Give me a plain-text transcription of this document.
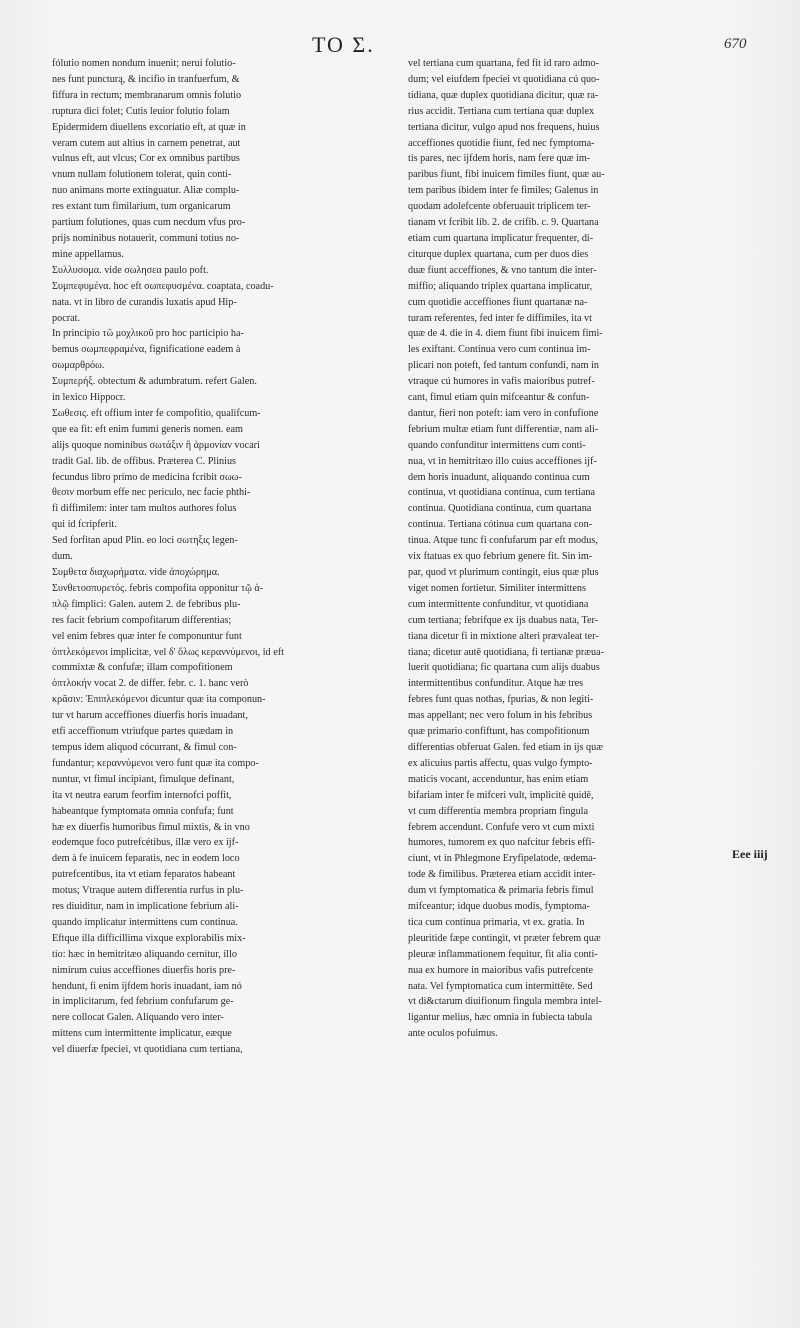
TO Σ.	670
fólutio nomen nondum inuenit; nerui folutio-
nes funt puncturą, & incifio in tranfuerfum, &
fiffura in rectum; membranarum omnis folutio
ruptura dici folet; Cutis leuior folutio folam
Epidermidem diuellens excoriatio eft, at quæ in
veram cutem aut altius in carnem penetrat, aut
vulnus eft, aut vlcus; Cor ex omnibus partibus
vnum nullam folutionem tolerat, quin conti-
nuo animans morte extinguatur. Aliæ complu-
res extant tum fimilarium, tum organicarum
partium folutiones, quas cum necdum vfus pro-
prijs nominibus notauerit, communi totius no-
mine appellamus.
Συλλυσομα. vide σωλησεα paulo poft.
Συμπεφυμένα. hoc eft σωπεφυσμένα. coaptata, coadu-
nata. vt in libro de curandis luxatis apud Hip-
pocrat.
In principio τῶ μοχλικοῦ pro hoc participio ha-
bemus σωμπεφραμένα, fignificatione eadem à
σωμαρθρόω.
Συμπερήξ. obtectum & adumbratum. refert Galen.
in lexico Hippocr.
Σωθεσις. eft offium inter fe compofitio, qualifcum-
que ea fit: eft enim fummi generis nomen. eam
alijs quoque nominibus σωτάξιν ἢ ἁρμονίαν vocari
tradit Gal. lib. de offibus. Præterea C. Plinius
fecundus libro primo de medicina fcribit σωω-
θεσιν morbum effe nec periculo, nec facie phthi-
fi diffimilem: inter tam multos authores folus
qui id fcripferit.
Sed forfitan apud Plin. eo loci σωτηξις legen-
dum.
Συμθετα διαχωρήματα. vide ἀποχώρημα.
Συνθετοσπυρετός. febris compofita opponitur τῷ ἁ-
πλῷ fimplici: Galen. autem 2. de febribus plu-
res facit febrium compofitarum differentias;
vel enim febres quæ inter fe componuntur funt
ὁπτλεκόμενοι implicitæ, vel δ' ὅλως κεραννύμενοι, id eft
commixtæ & confufæ; illam compofitionem
ὁπτλοκήν vocat 2. de differ. febr. c. 1. hanc verò
κρᾶσιν: Ἐπιπλεκόμενοι dicuntur quæ ita componun-
tur vt harum acceffiones diuerfis horis inuadant,
etfi acceffionum vtriufque partes quædam in
tempus idem aliquod cócurrant, & fimul con-
fundantur; κεραννύμενοι vero funt quæ ita compo-
nuntur, vt fimul incipiant, fimulque definant,
ita vt neutra earum feorfim internofci poffit,
habeantque fymptomata omnia confufa; funt
hæ ex diuerfis humoribus fimul mixtis, & in vno
eodemque foco putrefcétibus, illæ vero ex ijf-
dem à fe inuicem feparatis, nec in eodem loco
putrefcentibus, ita vt etiam feparatos habeant
motus; Vtraque autem differentia rurfus in plu-
res diuiditur, nam in implicatione febrium ali-
quando implicatur intermittens cum continua.
Eftque illa difficillima vixque explorabilis mix-
tio: hæc in hemitritæo aliquando cernitur, illo
nimirum cuius acceffiones diuerfis horis pre-
hendunt, fi enim ijfdem horis inuadant, iam nó
in implicitarum, fed febrium confufarum ge-
nere collocat Galen. Aliquando vero inter-
mittens cum intermittente implicatur, eæque
vel diuerfæ fpeciei, vt quotidiana cum tertiana,
vel tertiana cum quartana, fed fit id raro admo-
dum; vel eiufdem fpeciei vt quotidiana cú quo-
tidiana, quæ duplex quotidiana dicitur, quæ ra-
rius accidit. Tertiana cum tertiana quæ duplex
tertiana dicitur, vulgo apud nos frequens, huius
acceffiones quotidie fiunt, fed nec fymptoma-
tis pares, nec ijfdem horis, nam fere quæ im-
paribus fiunt, fibi inuicem fimiles fiunt, quæ au-
tem paribus ibidem inter fe fimiles; Galenus in
quodam adolefcente obferuauit triplicem ter-
tianam vt fcribit lib. 2. de crifib. c. 9. Quartana
etiam cum quartana implicatur frequenter, di-
citurque duplex quartana, cum per duos dies
duæ fiunt acceffiones, & vno tantum die inter-
miffio; aliquando triplex quartana implicatur,
cum quotidie acceffiones fiunt quartanæ na-
turam referentes, fed inter fe diffimiles, ita vt
quæ de 4. die in 4. diem fiunt fibi inuicem fimi-
les exiftant. Continua vero cum continua im-
plicari non poteft, fed tantum confundi, nam in
vtraque cú humores in vafis maioribus putref-
cant, fimul etiam quin mifceantur & confun-
dantur, fieri non poteft: iam vero in confufione
febrium multæ etiam funt differentiæ, nam ali-
quando confunditur intermittens cum conti-
nua, vt in hemitritæo illo cuius acceffiones ijf-
dem horis inuadunt, aliquando continua cum
continua, vt quotidiana continua, cum tertiana
continua. Quotidiana continua, cum quartana
continua. Tertiana cótinua cum quartana con-
tinua. Atque tunc fi confufarum par eft modus,
vix ftatuas ex quo febrium genere fit. Sin im-
par, quod vt plurimum contingit, eius quæ plus
viget nomen fortietur. Similiter intermittens
cum intermittente confunditur, vt quotidiana
cum tertiana; febrifque ex ijs duabus nata, Ter-
tiana dicetur fi in mixtione alteri prævaleat ter-
tiana; dicetur autē quotidiana, fi tertianæ præua-
luerit quotidiana; fic quartana cum alijs duabus
intermittentibus confunditur. Atque hæ tres
febres funt quas nothas, fpurias, & non legiti-
mas appellant; nec vero folum in his febribus
quæ primario confiftunt, has compofitionum
differentias obferuat Galen. fed etiam in ijs quæ
ex alicuius partis affectu, quas vulgo fympto-
maticis vocant, accenduntur, has enim etiam
bifariam inter fe mifceri vult, implicitè quidē,
vt cum differentia membra propriam fingula
febrem accendunt. Confufe vero vt cum mixti
humores, tumorem ex quo nafcitur febris effi-
ciunt, vt in Phlegmone Eryfipelatode, œdema-
tode & fimilibus. Præterea etiam accidit inter-
dum vt fymptomatica & primaria febris fimul
mifceantur; idque duobus modis, fymptoma-
tica cum continua primaria, vt ex. gratia. In
pleuritide fæpe contingit, vt præter febrem quæ
pleuræ inflammationem fequitur, fit alia conti-
nua ex humore in maioribus vafis putrefcente
nata. Vel fymptomatica cum intermittēte. Sed
vt di&ctarum diuifionum fingula membra intel-
ligantur melius, hæc omnia in fubiecta tabula
ante oculos pofuimus.
Eee iiij
